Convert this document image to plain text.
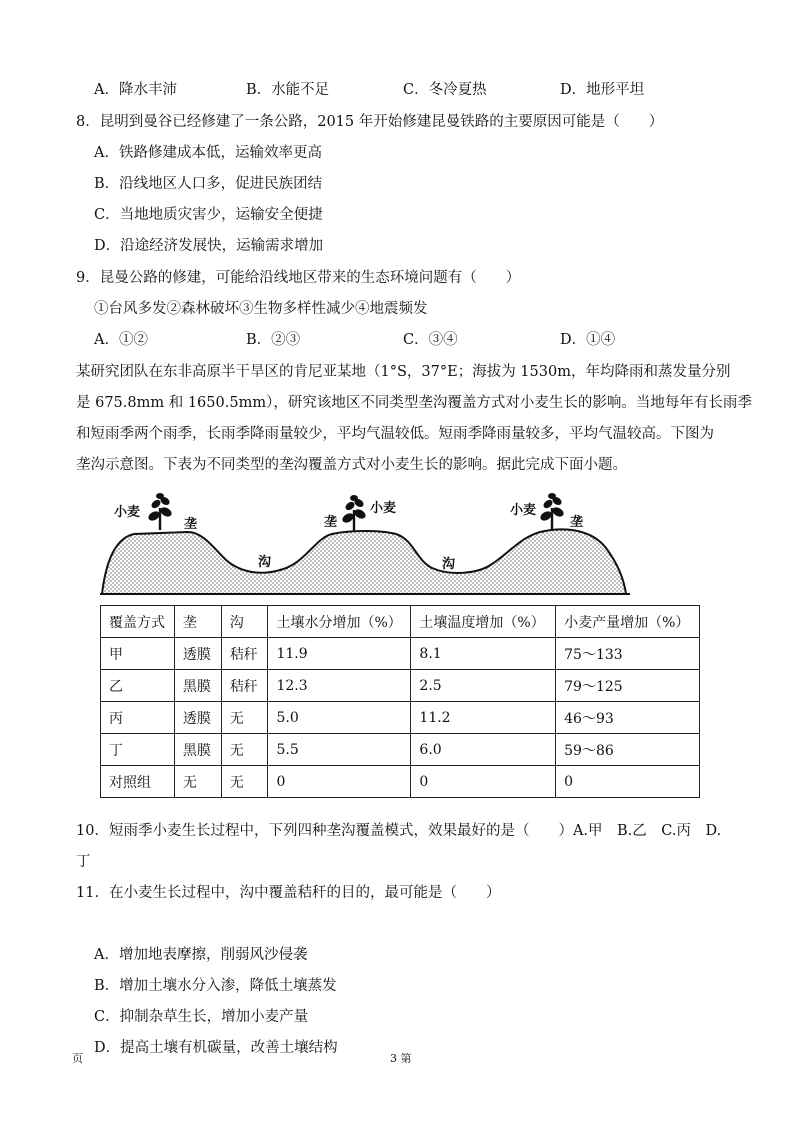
A．降水丰沛	B．水能不足	C．冬冷夏热	D．地形平坦
8．昆明到曼谷已经修建了一条公路，2015 年开始修建昆曼铁路的主要原因可能是（　　）
A．铁路修建成本低，运输效率更高
B．沿线地区人口多，促进民族团结
C．当地地质灾害少，运输安全便捷
D．沿途经济发展快，运输需求增加
9．昆曼公路的修建，可能给沿线地区带来的生态环境问题有（　　）
①台风多发②森林破坏③生物多样性减少④地震频发
A．①②	B．②③	C．③④	D．①④
某研究团队在东非高原半干旱区的肯尼亚某地（1°S，37°E；海拔为 1530m，年均降雨和蒸发量分别
是 675.8mm 和 1650.5mm），研究该地区不同类型垄沟覆盖方式对小麦生长的影响。当地每年有长雨季
和短雨季两个雨季，长雨季降雨量较少，平均气温较低。短雨季降雨量较多，平均气温较高。下图为
垄沟示意图。下表为不同类型的垄沟覆盖方式对小麦生长的影响。据此完成下面小题。
小麦
垄
沟
垄
小麦
沟
小麦
垄
覆盖方式	垄	沟	土壤水分增加（%）	土壤温度增加（%）	小麦产量增加（%）
甲	透膜	秸秆	11.9	8.1	75～133
乙	黑膜	秸秆	12.3	2.5	79～125
丙	透膜	无	5.0	11.2	46～93
丁	黑膜	无	5.5	6.0	59～86
对照组	无	无	0	0	0
10．短雨季小麦生长过程中，下列四种垄沟覆盖模式，效果最好的是（　　）A.甲　B.乙　C.丙　D.
丁
11．在小麦生长过程中，沟中覆盖秸秆的目的，最可能是（　　）
A．增加地表摩擦，削弱风沙侵袭
B．增加土壤水分入渗，降低土壤蒸发
C．抑制杂草生长，增加小麦产量
D．提高土壤有机碳量，改善土壤结构
页	3 第
